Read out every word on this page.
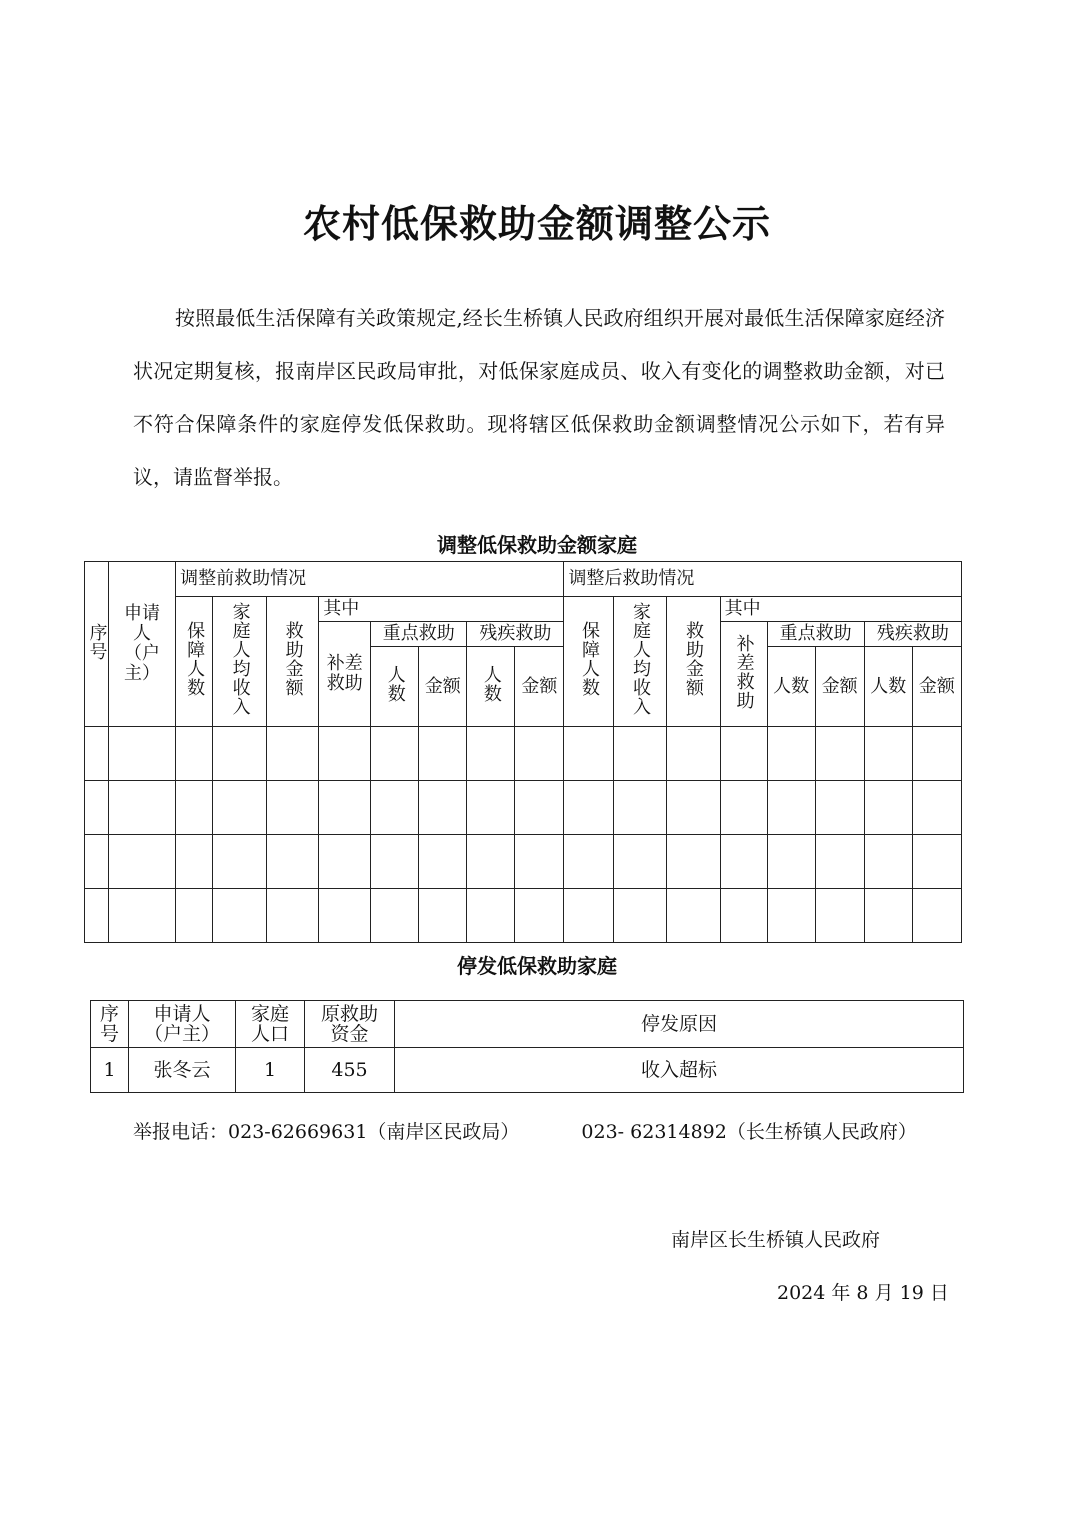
农村低保救助金额调整公示

按照最低生活保障有关政策规定,经长生桥镇人民政府组织开展对最低生活保障家庭经济状况定期复核，报南岸区民政局审批，对低保家庭成员、收入有变化的调整救助金额，对已不符合保障条件的家庭停发低保救助。现将辖区低保救助金额调整情况公示如下，若有异议，请监督举报。

调整低保救助金额家庭
序号	申请人（户主）	调整前救助情况								调整后救助情况							
		保障人数	家庭人均收入	救助金额	其中					保障人数	家庭人均收入	救助金额	其中				
					补差救助	重点救助		残疾救助					补差救助	重点救助		残疾救助	
						人数	金额	人数	金额					人数	金额	人数	金额

停发低保救助家庭
序号	申请人（户主）	家庭人口	原救助资金	停发原因
1	张冬云	1	455	收入超标
举报电话：023-62669631（南岸区民政局）	023- 62314892（长生桥镇人民政府）
南岸区长生桥镇人民政府
2024 年 8 月 19 日
